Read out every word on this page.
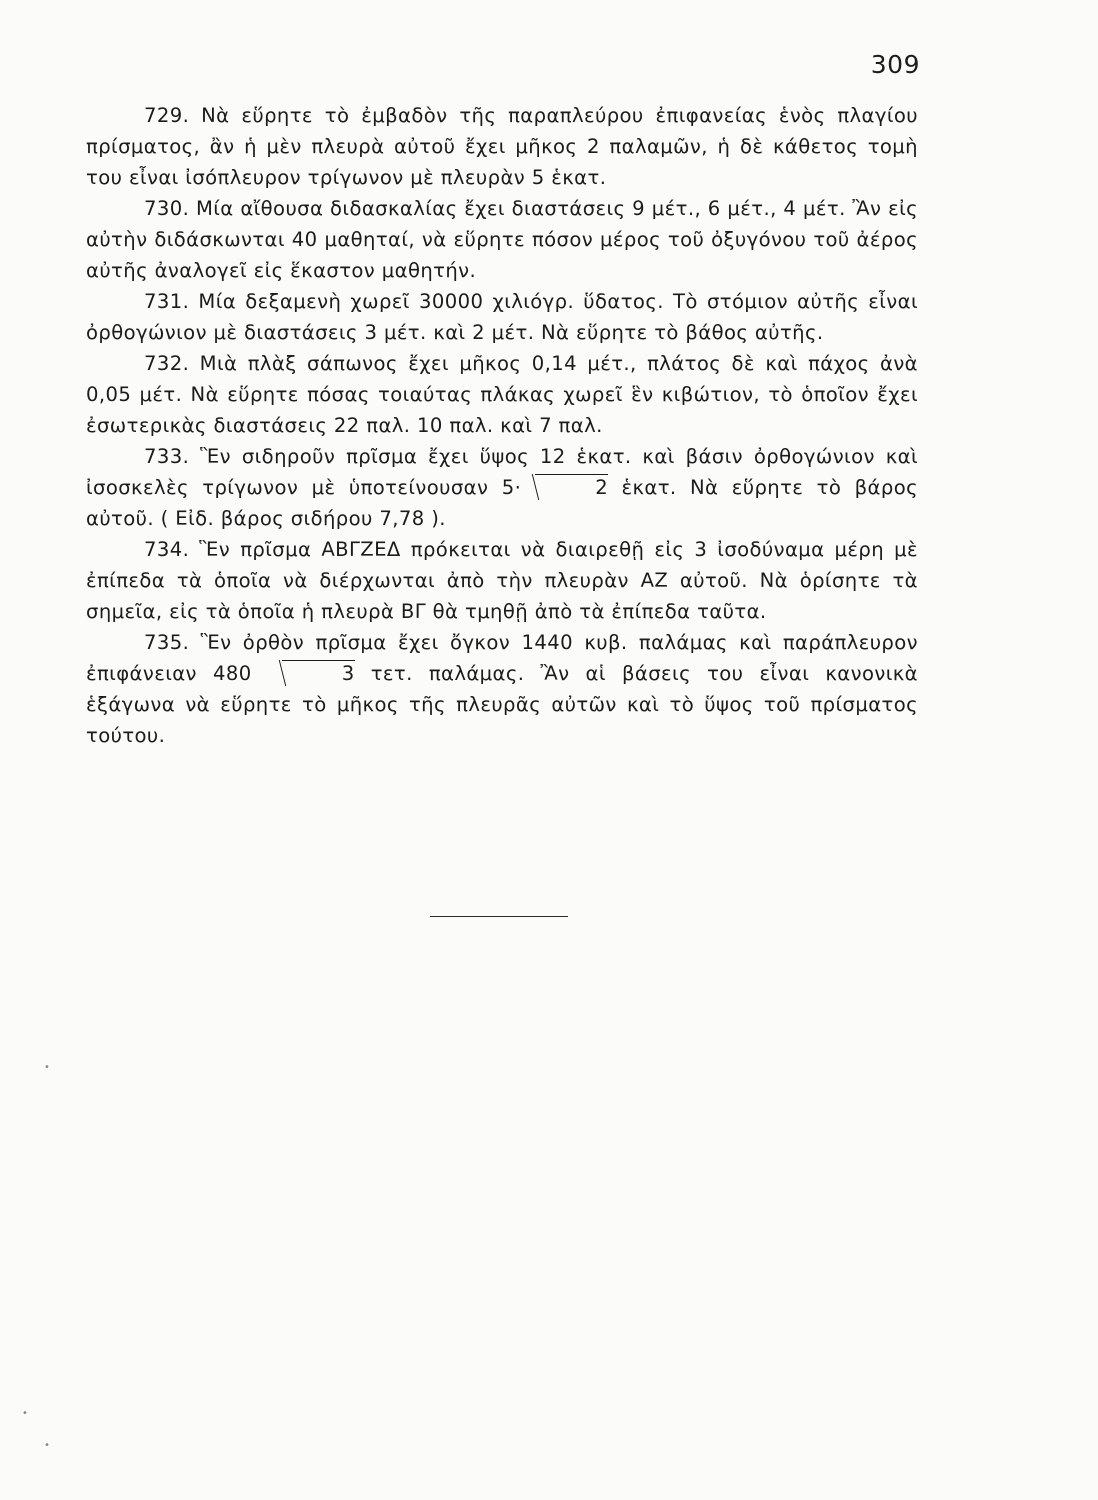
309

729. Νὰ εὕρητε τὸ ἐμβαδὸν τῆς παραπλεύρου ἐπιφανείας ἑνὸς πλαγίου πρίσματος, ἂν ἡ μὲν πλευρὰ αὐτοῦ ἔχει μῆκος 2 παλαμῶν, ἡ δὲ κάθετος τομὴ του εἶναι ἰσόπλευρον τρίγωνον μὲ πλευρὰν 5 ἑκατ.

730. Μία αἴθουσα διδασκαλίας ἔχει διαστάσεις 9 μέτ., 6 μέτ., 4 μέτ. Ἂν εἰς αὐτὴν διδάσκωνται 40 μαθηταί, νὰ εὕρητε πόσον μέρος τοῦ ὀξυγόνου τοῦ ἀέρος αὐτῆς ἀναλογεῖ εἰς ἕκαστον μαθητήν.

731. Μία δεξαμενὴ χωρεῖ 30000 χιλιόγρ. ὕδατος. Τὸ στόμιον αὐτῆς εἶναι ὀρθογώνιον μὲ διαστάσεις 3 μέτ. καὶ 2 μέτ. Νὰ εὕρητε τὸ βάθος αὐτῆς.

732. Μιὰ πλὰξ σάπωνος ἔχει μῆκος 0,14 μέτ., πλάτος δὲ καὶ πάχος ἀνὰ 0,05 μέτ. Νὰ εὕρητε πόσας τοιαύτας πλάκας χωρεῖ ἓν κιβώτιον, τὸ ὁποῖον ἔχει ἐσωτερικὰς διαστάσεις 22 παλ. 10 παλ. καὶ 7 παλ.

733. Ἓν σιδηροῦν πρῖσμα ἔχει ὕψος 12 ἑκατ. καὶ βάσιν ὀρθογώνιον καὶ ἰσοσκελὲς τρίγωνον μὲ ὑποτείνουσαν 5·	2 ἑκατ. Νὰ εὕρητε τὸ βάρος αὐτοῦ. ( Εἰδ. βάρος σιδήρου 7,78 ).

734. Ἓν πρῖσμα ΑΒΓΖΕΔ πρόκειται νὰ διαιρεθῇ εἰς 3 ἰσοδύναμα μέρη μὲ ἐπίπεδα τὰ ὁποῖα νὰ διέρχωνται ἀπὸ τὴν πλευρὰν ΑΖ αὐτοῦ. Νὰ ὁρίσητε τὰ σημεῖα, εἰς τὰ ὁποῖα ἡ πλευρὰ ΒΓ θὰ τμηθῇ ἀπὸ τὰ ἐπίπεδα ταῦτα.

735. Ἓν ὀρθὸν πρῖσμα ἔχει ὄγκον 1440 κυβ. παλάμας καὶ παράπλευρον ἐπιφάνειαν 480	3 τετ. παλάμας. Ἂν αἱ βάσεις του εἶναι κανονικὰ ἑξάγωνα νὰ εὕρητε τὸ μῆκος τῆς πλευρᾶς αὐτῶν καὶ τὸ ὕψος τοῦ πρίσματος τούτου.

•
•
•
